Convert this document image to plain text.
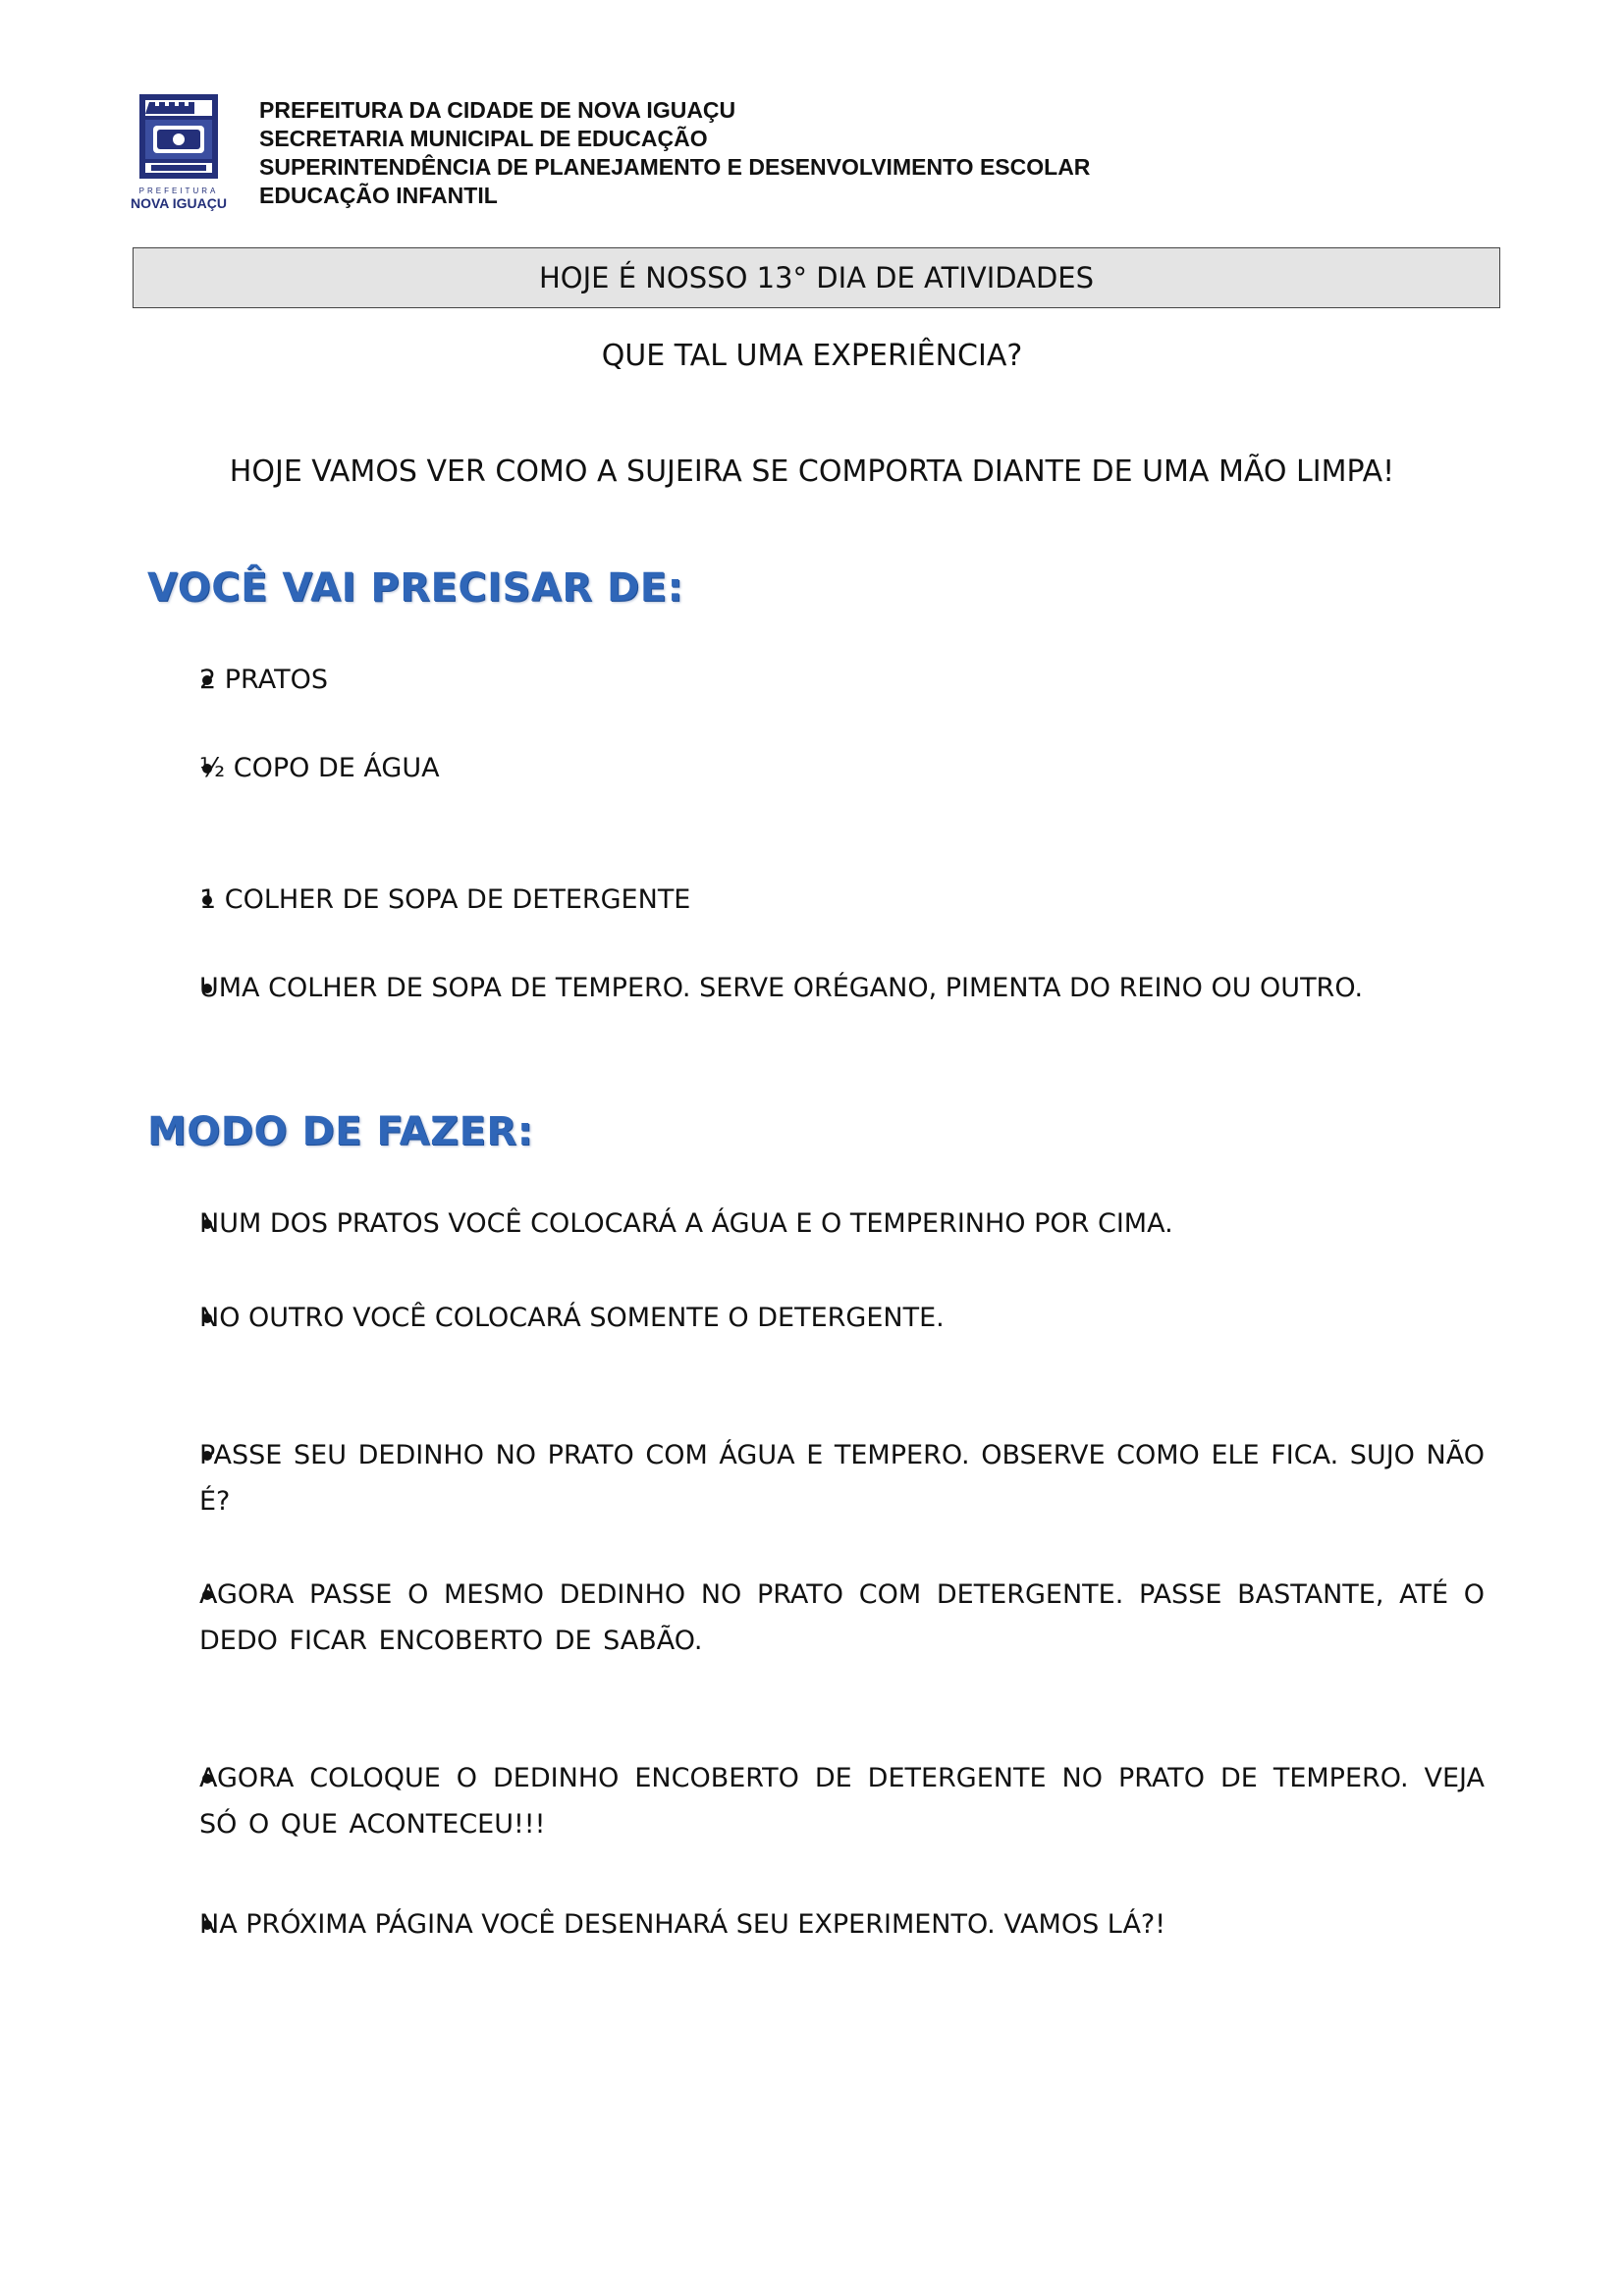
PREFEITURA
NOVA IGUAÇU
PREFEITURA DA CIDADE DE NOVA IGUAÇU
SECRETARIA MUNICIPAL DE EDUCAÇÃO
SUPERINTENDÊNCIA DE PLANEJAMENTO E DESENVOLVIMENTO ESCOLAR
EDUCAÇÃO INFANTIL
HOJE É NOSSO 13° DIA DE ATIVIDADES
QUE TAL UMA EXPERIÊNCIA?
HOJE VAMOS VER COMO A SUJEIRA SE COMPORTA DIANTE DE UMA MÃO LIMPA!
VOCÊ VAI PRECISAR DE:
2 PRATOS
½ COPO DE ÁGUA
1 COLHER DE SOPA DE DETERGENTE
UMA COLHER DE SOPA DE TEMPERO. SERVE ORÉGANO, PIMENTA DO REINO OU OUTRO.
MODO DE FAZER:
NUM DOS PRATOS VOCÊ COLOCARÁ A ÁGUA E O TEMPERINHO POR CIMA.
NO OUTRO VOCÊ COLOCARÁ SOMENTE O DETERGENTE.
PASSE SEU DEDINHO NO PRATO COM ÁGUA E TEMPERO. OBSERVE COMO ELE FICA. SUJO NÃO É?
AGORA PASSE O MESMO DEDINHO NO PRATO COM DETERGENTE. PASSE BASTANTE, ATÉ O DEDO FICAR ENCOBERTO DE SABÃO.
AGORA COLOQUE O DEDINHO ENCOBERTO DE DETERGENTE NO PRATO DE TEMPERO. VEJA SÓ O QUE ACONTECEU!!!
NA PRÓXIMA PÁGINA VOCÊ DESENHARÁ SEU EXPERIMENTO. VAMOS LÁ?!
